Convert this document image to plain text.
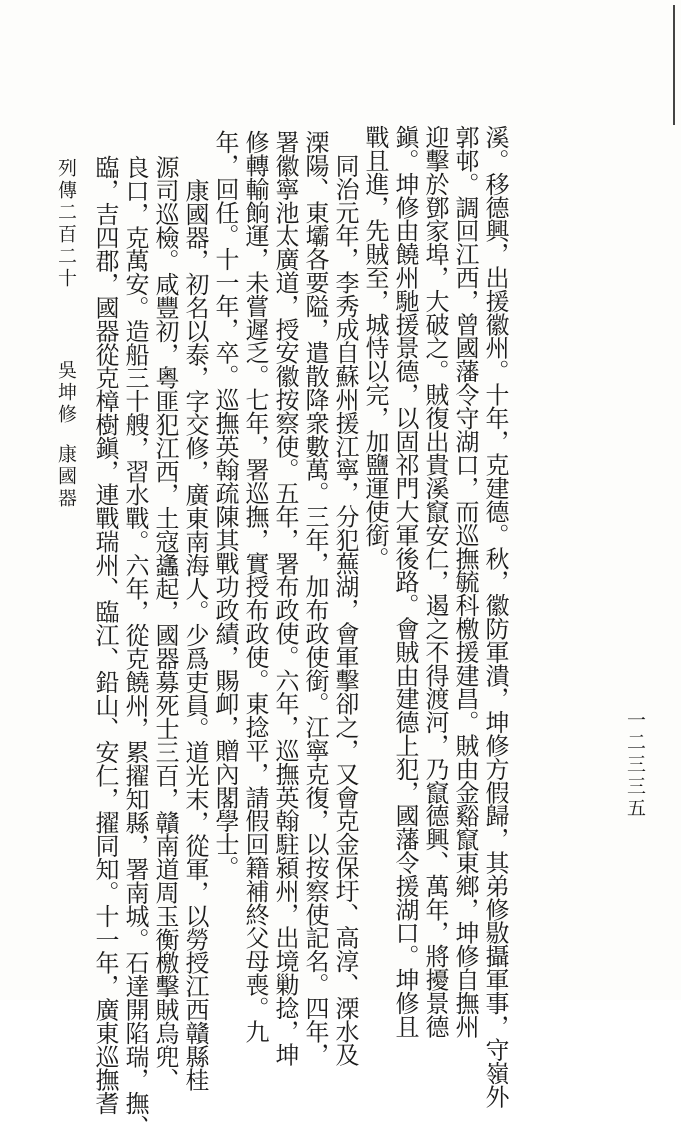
溪。移德興，出援徽州。十年，克建德。秋，徽防軍潰，坤修方假歸，其弟修敭攝軍事，守嶺外
郭邨。調回江西，曾國藩令守湖口，而巡撫毓科檄援建昌。賊由金谿竄東鄉，坤修自撫州
迎擊於鄧家埠，大破之。賊復出貴溪竄安仁，遏之不得渡河，乃竄德興、萬年，將擾景德
鎭。坤修由饒州馳援景德，以固祁門大軍後路。會賊由建德上犯，國藩令援湖口。坤修且
戰且進，先賊至，城恃以完，加鹽運使銜。
　同治元年，李秀成自蘇州援江寧，分犯蕪湖，會軍擊卻之，又會克金保圩、高淳、溧水及
溧陽、東壩各要隘，遣散降衆數萬。三年，加布政使銜。江寧克復，以按察使記名。四年，
署徽寧池太廣道，授安徽按察使。五年，署布政使。六年，巡撫英翰駐潁州，出境勦捻，坤
修轉輸餉運，未嘗遲乏。七年，署巡撫，實授布政使。東捻平，請假回籍補終父母喪。九
年，回任。十一年，卒。巡撫英翰疏陳其戰功政績，賜卹，贈內閣學士。
　康國器，初名以泰，字交修，廣東南海人。少爲吏員。道光末，從軍，以勞授江西贛縣桂
源司巡檢。咸豐初，粵匪犯江西，土寇蠭起，國器募死士三百，贛南道周玉衡檄擊賊烏兜、
良口，克萬安。造船三十艘，習水戰。六年，從克饒州，累擢知縣，署南城。石達開陷瑞，撫、
臨，吉四郡，國器從克樟樹鎭，連戰瑞州、臨江、鉛山、安仁，擢同知。十一年，廣東巡撫耆
列傳二百二十吳坤修康國器
一二三三五
